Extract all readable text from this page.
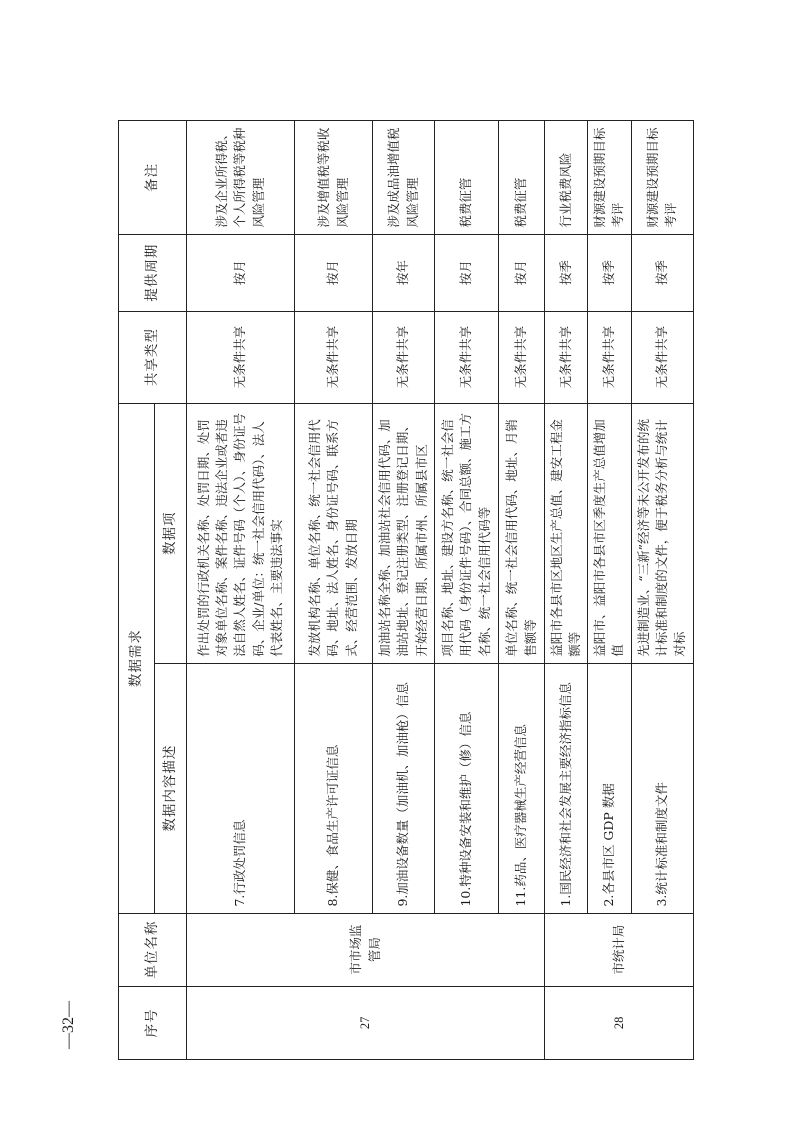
序号	单位名称	数据需求		共享类型	提供周期	备注
		数据内容描述	数据项			
27	市市场监管局	7.行政处罚信息	作出处罚的行政机关名称、处罚日期、处罚对象单位名称、案件名称、违法企业或者违法自然人姓名、证件号码（个人）、身份证号码、企业/单位：统一社会信用代码）、法人代表姓名、主要违法事实	无条件共享	按月	涉及企业所得税、个人所得税等税种风险管理
		8.保健、食品生产许可证信息	发放机构名称、单位名称、统一社会信用代码、地址、法人姓名、身份证号码、联系方式、经营范围、发放日期	无条件共享	按月	涉及增值税等税收风险管理
		9.加油设备数量（加油机、加油枪）信息	加油站名称全称、加油站社会信用代码、加油站地址、登记注册类型、注册登记日期、开始经营日期、所属市州、所属县市区	无条件共享	按年	涉及成品油增值税风险管理
		10.特种设备安装和维护（修）信息	项目名称、地址、建设方名称、统一社会信用代码（身份证件号码）、合同总额、施工方名称、统一社会信用代码等	无条件共享	按月	税费征管
		11.药品、医疗器械生产经营信息	单位名称、统一社会信用代码、地址、月销售额等	无条件共享	按月	税费征管
28	市统计局	1.国民经济和社会发展主要经济指标信息	益阳市各县市区地区生产总值、建安工程金额等	无条件共享	按季	行业税费风险
		2.各县市区 GDP 数据	益阳市、益阳市各县市区季度生产总值增加值	无条件共享	按季	财源建设预期目标考评
		3.统计标准和制度文件	先进制造业、“三新”经济等未公开发布的统计标准和制度的文件，便于税务分析与统计对标	无条件共享	按季	财源建设预期目标考评
—32—
